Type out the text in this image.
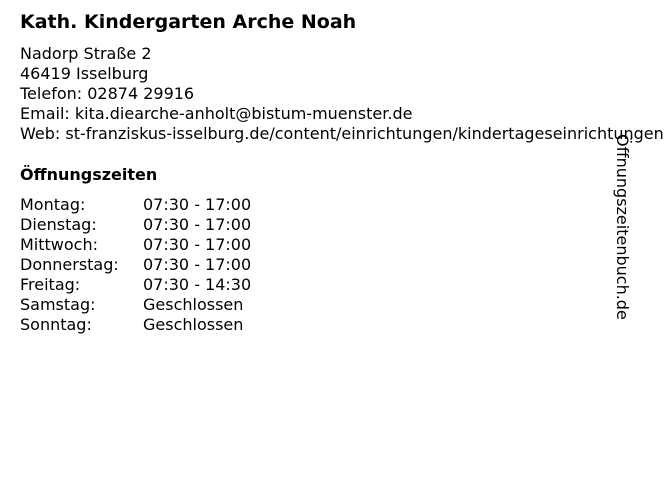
Kath. Kindergarten Arche Noah
Nadorp Straße 2
46419 Isselburg
Telefon: 02874 29916
Email: kita.diearche-anholt@bistum-muenster.de
Web: st-franziskus-isselburg.de/content/einrichtungen/kindertageseinrichtungen
Öffnungszeiten
Montag:	07:30 - 17:00
Dienstag:	07:30 - 17:00
Mittwoch:	07:30 - 17:00
Donnerstag:	07:30 - 17:00
Freitag:	07:30 - 14:30
Samstag:	Geschlossen
Sonntag:	Geschlossen
Öffnungszeitenbuch.de
